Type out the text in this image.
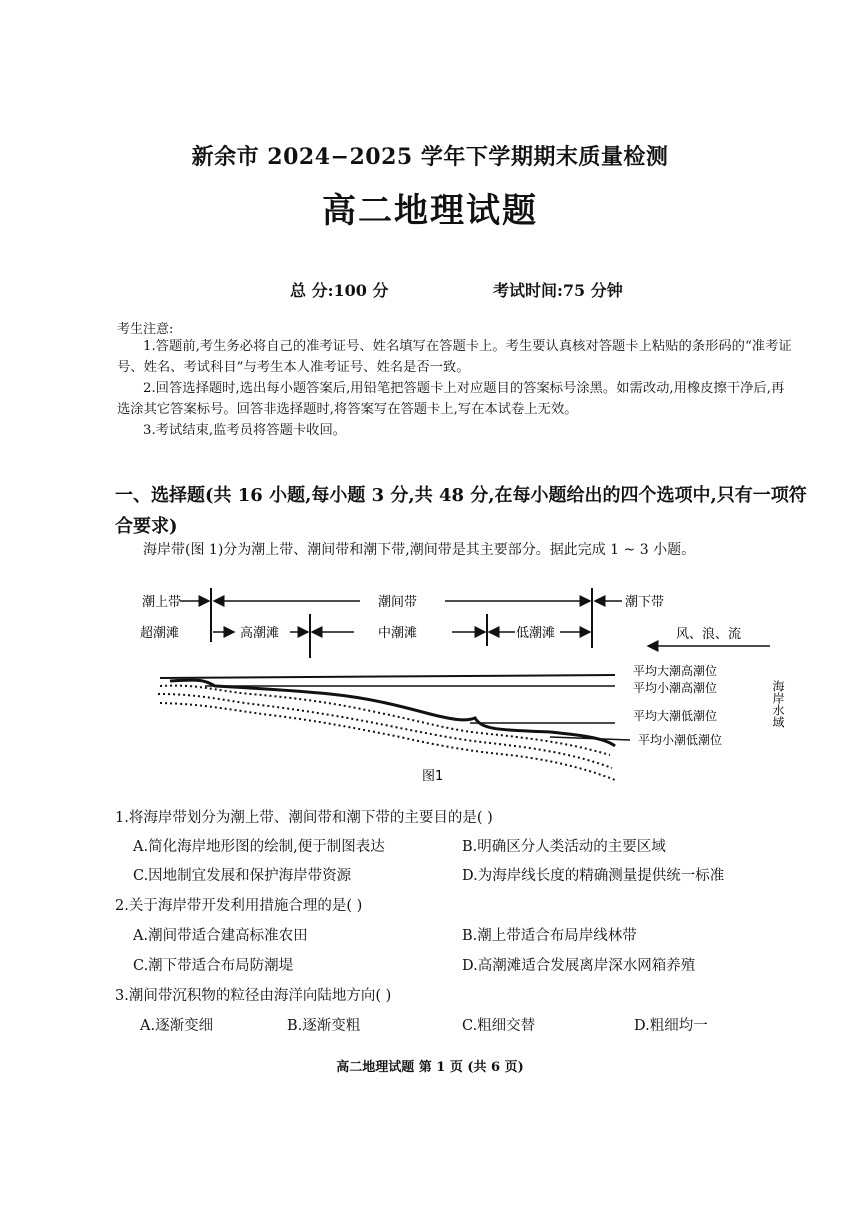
新余市 2024−2025 学年下学期期末质量检测
高二地理试题
总 分:100 分	考试时间:75 分钟
考生注意:

1.答题前,考生务必将自己的准考证号、姓名填写在答题卡上。考生要认真核对答题卡上粘贴的条形码的“准考证号、姓名、考试科目”与考生本人准考证号、姓名是否一致。

2.回答选择题时,选出每小题答案后,用铅笔把答题卡上对应题目的答案标号涂黑。如需改动,用橡皮擦干净后,再选涂其它答案标号。回答非选择题时,将答案写在答题卡上,写在本试卷上无效。

3.考试结束,监考员将答题卡收回。

一、选择题(共 16 小题,每小题 3 分,共 48 分,在每小题给出的四个选项中,只有一项符合要求)
海岸带(图 1)分为潮上带、潮间带和潮下带,潮间带是其主要部分。据此完成 1 ~ 3 小题。
潮上带	潮间带	潮下带
超潮滩	高潮滩	中潮滩	低潮滩	风、浪、流
平均大潮高潮位
平均小潮高潮位
平均大潮低潮位
平均小潮低潮位
海岸水域
图1
1.将海岸带划分为潮上带、潮间带和潮下带的主要目的是( )
A.简化海岸地形图的绘制,便于制图表达	B.明确区分人类活动的主要区域
C.因地制宜发展和保护海岸带资源	D.为海岸线长度的精确测量提供统一标准
2.关于海岸带开发利用措施合理的是( )
A.潮间带适合建高标准农田	B.潮上带适合布局岸线林带
C.潮下带适合布局防潮堤	D.高潮滩适合发展离岸深水网箱养殖
3.潮间带沉积物的粒径由海洋向陆地方向( )
A.逐渐变细	B.逐渐变粗	C.粗细交替	D.粗细均一
高二地理试题 第 1 页 (共 6 页)
